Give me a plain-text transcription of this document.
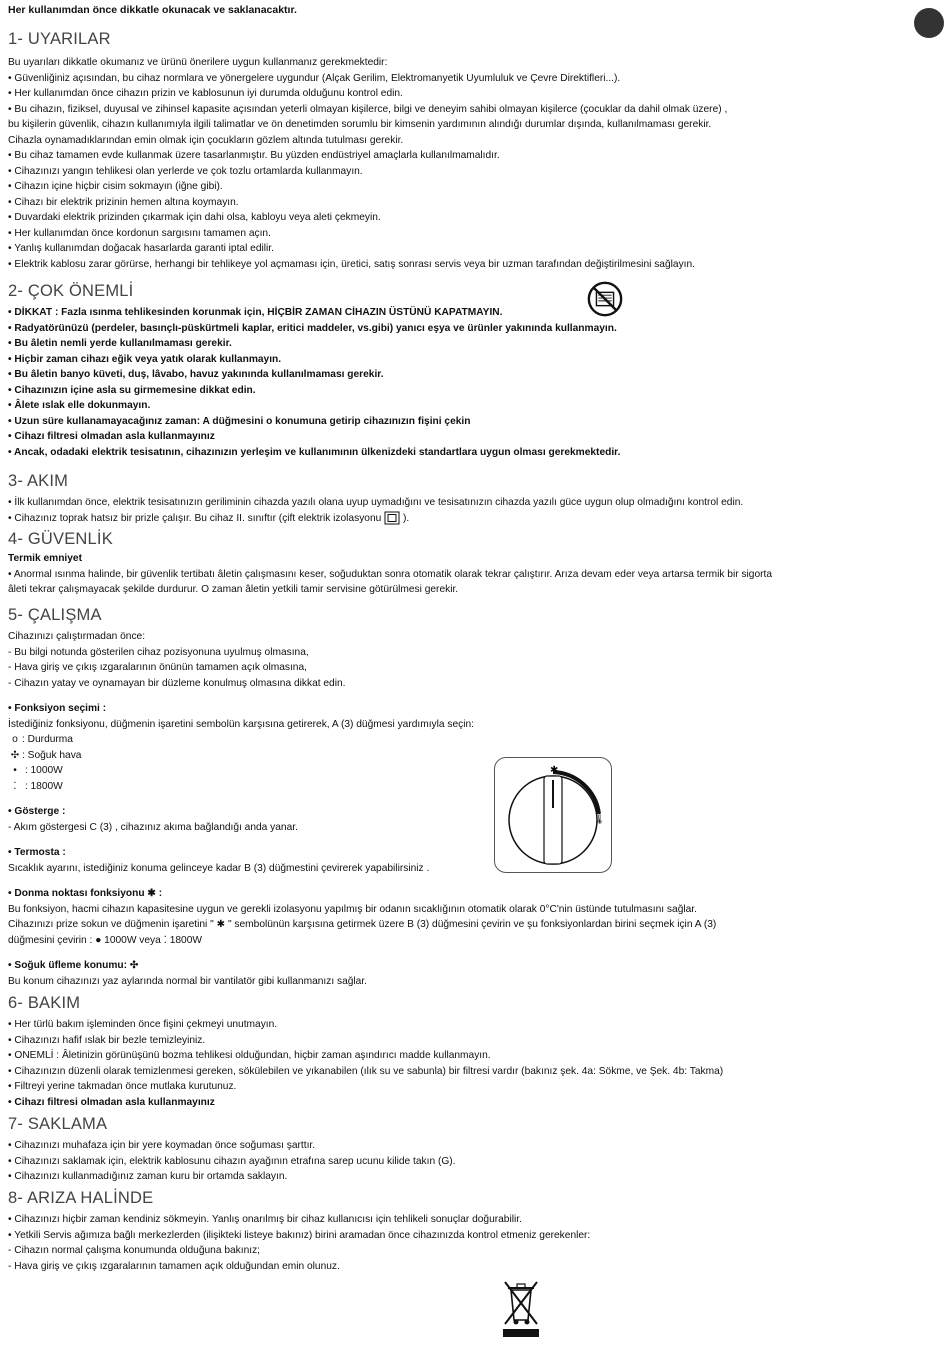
Her kullanımdan önce dikkatle okunacak ve saklanacaktır.
1- UYARILAR

Bu uyarıları dikkatle okumanız ve ürünü önerilere uygun kullanmanız gerekmektedir:

• Güvenliğiniz açısından, bu cihaz normlara ve yönergelere uygundur (Alçak Gerilim, Elektromanyetik Uyumluluk ve Çevre Direktifleri...).

• Her kullanımdan önce cihazın prizin ve kablosunun iyi durumda olduğunu kontrol edin.

• Bu cihazın, fiziksel, duyusal ve zihinsel kapasite açısından yeterli olmayan kişilerce, bilgi ve deneyim sahibi olmayan kişilerce (çocuklar da dahil olmak üzere) ,

bu kişilerin güvenlik, cihazın kullanımıyla ilgili talimatlar ve ön denetimden sorumlu bir kimsenin yardımının alındığı durumlar dışında, kullanılmaması gerekir.

Cihazla oynamadıklarından emin olmak için çocukların gözlem altında tutulması gerekir.

• Bu cihaz tamamen evde kullanmak üzere tasarlanmıştır. Bu yüzden endüstriyel amaçlarla kullanılmamalıdır.

• Cihazınızı yangın tehlikesi olan yerlerde ve çok tozlu ortamlarda kullanmayın.

• Cihazın içine hiçbir cisim sokmayın (iğne gibi).

• Cihazı bir elektrik prizinin hemen altına koymayın.

• Duvardaki elektrik prizinden çıkarmak için dahi olsa, kabloyu veya aleti çekmeyin.

• Her kullanımdan önce kordonun sargısını tamamen açın.

• Yanlış kullanımdan doğacak hasarlarda garanti iptal edilir.

• Elektrik kablosu zarar görürse, herhangi bir tehlikeye yol açmaması için, üretici, satış sonrası servis veya bir uzman tarafından değiştirilmesini sağlayın.

2- ÇOK ÖNEMLİ

• DİKKAT : Fazla ısınma tehlikesinden korunmak için, HİÇBİR ZAMAN CİHAZIN ÜSTÜNÜ KAPATMAYIN.

• Radyatörünüzü (perdeler, basınçlı-püskürtmeli kaplar, eritici maddeler, vs.gibi) yanıcı eşya ve ürünler yakınında kullanmayın.

• Bu âletin nemli yerde kullanılmaması gerekir.

• Hiçbir zaman cihazı eğik veya yatık olarak kullanmayın.

• Bu âletin banyo küveti, duş, lâvabo, havuz yakınında kullanılmaması gerekir.

• Cihazınızın içine asla su girmemesine dikkat edin.

• Âlete ıslak elle dokunmayın.

• Uzun süre kullanamayacağınız zaman: A düğmesini o konumuna getirip cihazınızın fişini çekin

• Cihazı filtresi olmadan asla kullanmayınız

• Ancak, odadaki elektrik tesisatının, cihazınızın yerleşim ve kullanımının ülkenizdeki standartlara uygun olması gerekmektedir.

3- AKIM

• İlk kullanımdan önce, elektrik tesisatınızın geriliminin cihazda yazılı olana uyup uymadığını ve tesisatınızın cihazda yazılı güce uygun olup olmadığını kontrol edin.

• Cihazınız toprak hatsız bir prizle çalışır. Bu cihaz II. sınıftır (çift elektrik izolasyonu ).

4- GÜVENLİK

Termik emniyet

• Anormal ısınma halinde, bir güvenlik tertibatı âletin çalışmasını keser, soğuduktan sonra otomatik olarak tekrar çalıştırır. Arıza devam eder veya artarsa termik bir sigorta

âleti tekrar çalışmayacak şekilde durdurur. O zaman âletin yetkili tamir servisine götürülmesi gerekir.

5- ÇALIŞMA

Cihazınızı çalıştırmadan önce:

- Bu bilgi notunda gösterilen cihaz pozisyonuna uyulmuş olmasına,

- Hava giriş ve çıkış ızgaralarının önünün tamamen açık olmasına,

- Cihazın yatay ve oynamayan bir düzleme konulmuş olmasına dikkat edin.

• Fonksiyon seçimi :

İstediğiniz fonksiyonu, düğmenin işaretini sembolün karşısına getirerek, A (3) düğmesi yardımıyla seçin:

o : Durdurma

✣ : Soğuk hava

• : 1000W

⁚ : 1800W

• Gösterge :

- Akım göstergesi C (3) , cihazınız akıma bağlandığı anda yanar.

• Termosta :

Sıcaklık ayarını, istediğiniz konuma gelinceye kadar B (3) düğmestini çevirerek yapabilirsiniz .

• Donma noktası fonksiyonu ✱ :

Bu fonksiyon, hacmi cihazın kapasitesine uygun ve gerekli izolasyonu yapılmış bir odanın sıcaklığının otomatik olarak 0°C'nin üstünde tutulmasını sağlar.

Cihazınızı prize sokun ve düğmenin işaretini " ✱ " sembolünün karşısına getirmek üzere B (3) düğmesini çevirin ve şu fonksiyonlardan birini seçmek için A (3)

düğmesini çevirin : ● 1000W veya ⁚ 1800W

• Soğuk üfleme konumu: ✣

Bu konum cihazınızı yaz aylarında normal bir vantilatör gibi kullanmanızı sağlar.

✱
🌡
6- BAKIM

• Her türlü bakım işleminden önce fişini çekmeyi unutmayın.

• Cihazınızı hafif ıslak bir bezle temizleyiniz.

• ONEMLİ : Âletinizin görünüşünü bozma tehlikesi olduğundan, hiçbir zaman aşındırıcı madde kullanmayın.

• Cihazınızın düzenli olarak temizlenmesi gereken, sökülebilen ve yıkanabilen (ılık su ve sabunla) bir filtresi vardır (bakınız şek. 4a: Sökme, ve Şek. 4b: Takma)

• Filtreyi yerine takmadan önce mutlaka kurutunuz.

• Cihazı filtresi olmadan asla kullanmayınız

7- SAKLAMA

• Cihazınızı muhafaza için bir yere koymadan önce soğuması şarttır.

• Cihazınızı saklamak için, elektrik kablosunu cihazın ayağının etrafına sarep ucunu kilide takın (G).

• Cihazınızı kullanmadığınız zaman kuru bir ortamda saklayın.

8- ARIZA HALİNDE

• Cihazınızı hiçbir zaman kendiniz sökmeyin. Yanlış onarılmış bir cihaz kullanıcısı için tehlikeli sonuçlar doğurabilir.

• Yetkili Servis ağımıza bağlı merkezlerden (ilişikteki listeye bakınız) birini aramadan önce cihazınızda kontrol etmeniz gerekenler:

- Cihazın normal çalışma konumunda olduğuna bakınız;

- Hava giriş ve çıkış ızgaralarının tamamen açık olduğundan emin olunuz.
